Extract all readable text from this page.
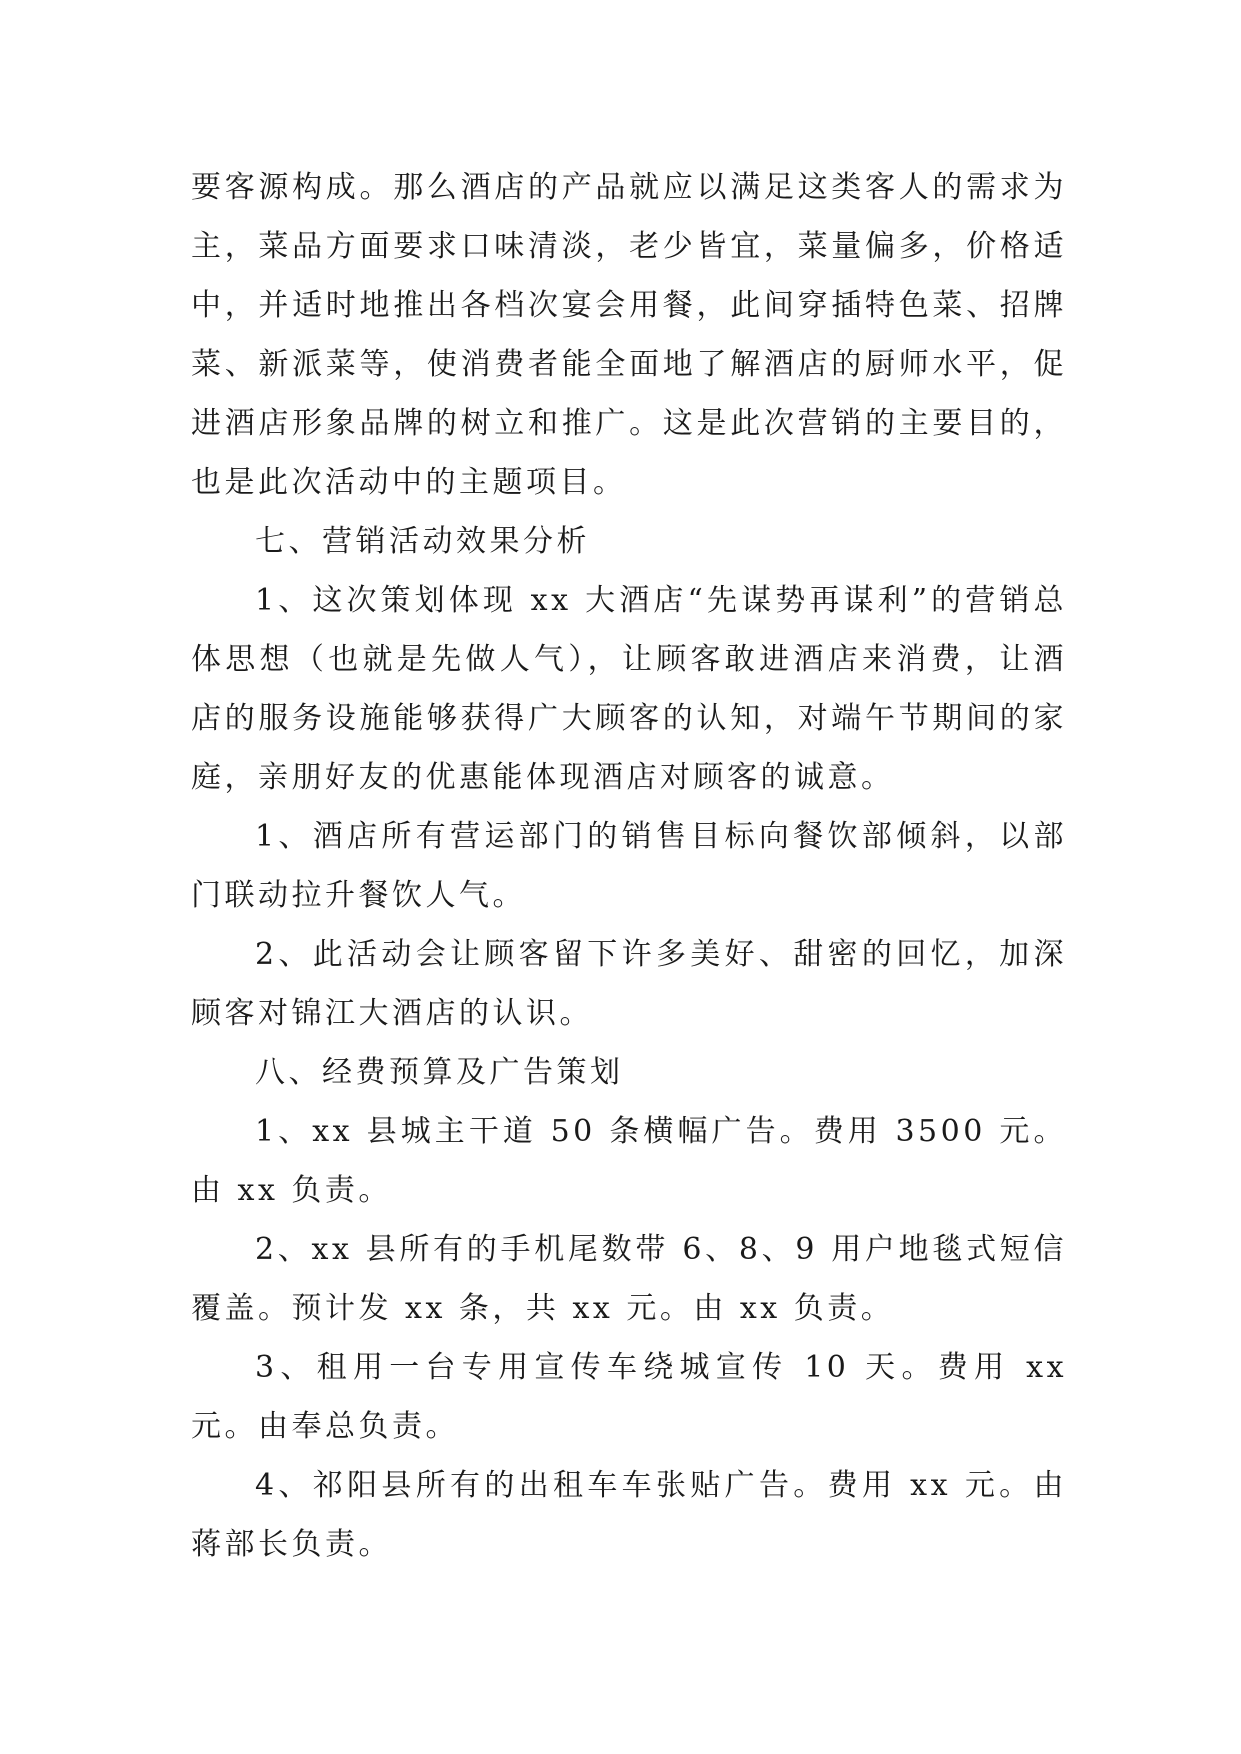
要客源构成。那么酒店的产品就应以满足这类客人的需求为主，菜品方面要求口味清淡，老少皆宜，菜量偏多，价格适中，并适时地推出各档次宴会用餐，此间穿插特色菜、招牌菜、新派菜等，使消费者能全面地了解酒店的厨师水平，促进酒店形象品牌的树立和推广。这是此次营销的主要目的，也是此次活动中的主题项目。

七、营销活动效果分析

1、这次策划体现 xx 大酒店“先谋势再谋利”的营销总体思想（也就是先做人气），让顾客敢进酒店来消费，让酒店的服务设施能够获得广大顾客的认知，对端午节期间的家庭，亲朋好友的优惠能体现酒店对顾客的诚意。

1、酒店所有营运部门的销售目标向餐饮部倾斜，以部门联动拉升餐饮人气。

2、此活动会让顾客留下许多美好、甜密的回忆，加深顾客对锦江大酒店的认识。

八、经费预算及广告策划

1、xx 县城主干道 50 条横幅广告。费用 3500 元。由 xx 负责。

2、xx 县所有的手机尾数带 6、8、9 用户地毯式短信覆盖。预计发 xx 条，共 xx 元。由 xx 负责。

3、租用一台专用宣传车绕城宣传 10 天。费用 xx 元。由奉总负责。

4、祁阳县所有的出租车车张贴广告。费用 xx 元。由蒋部长负责。
